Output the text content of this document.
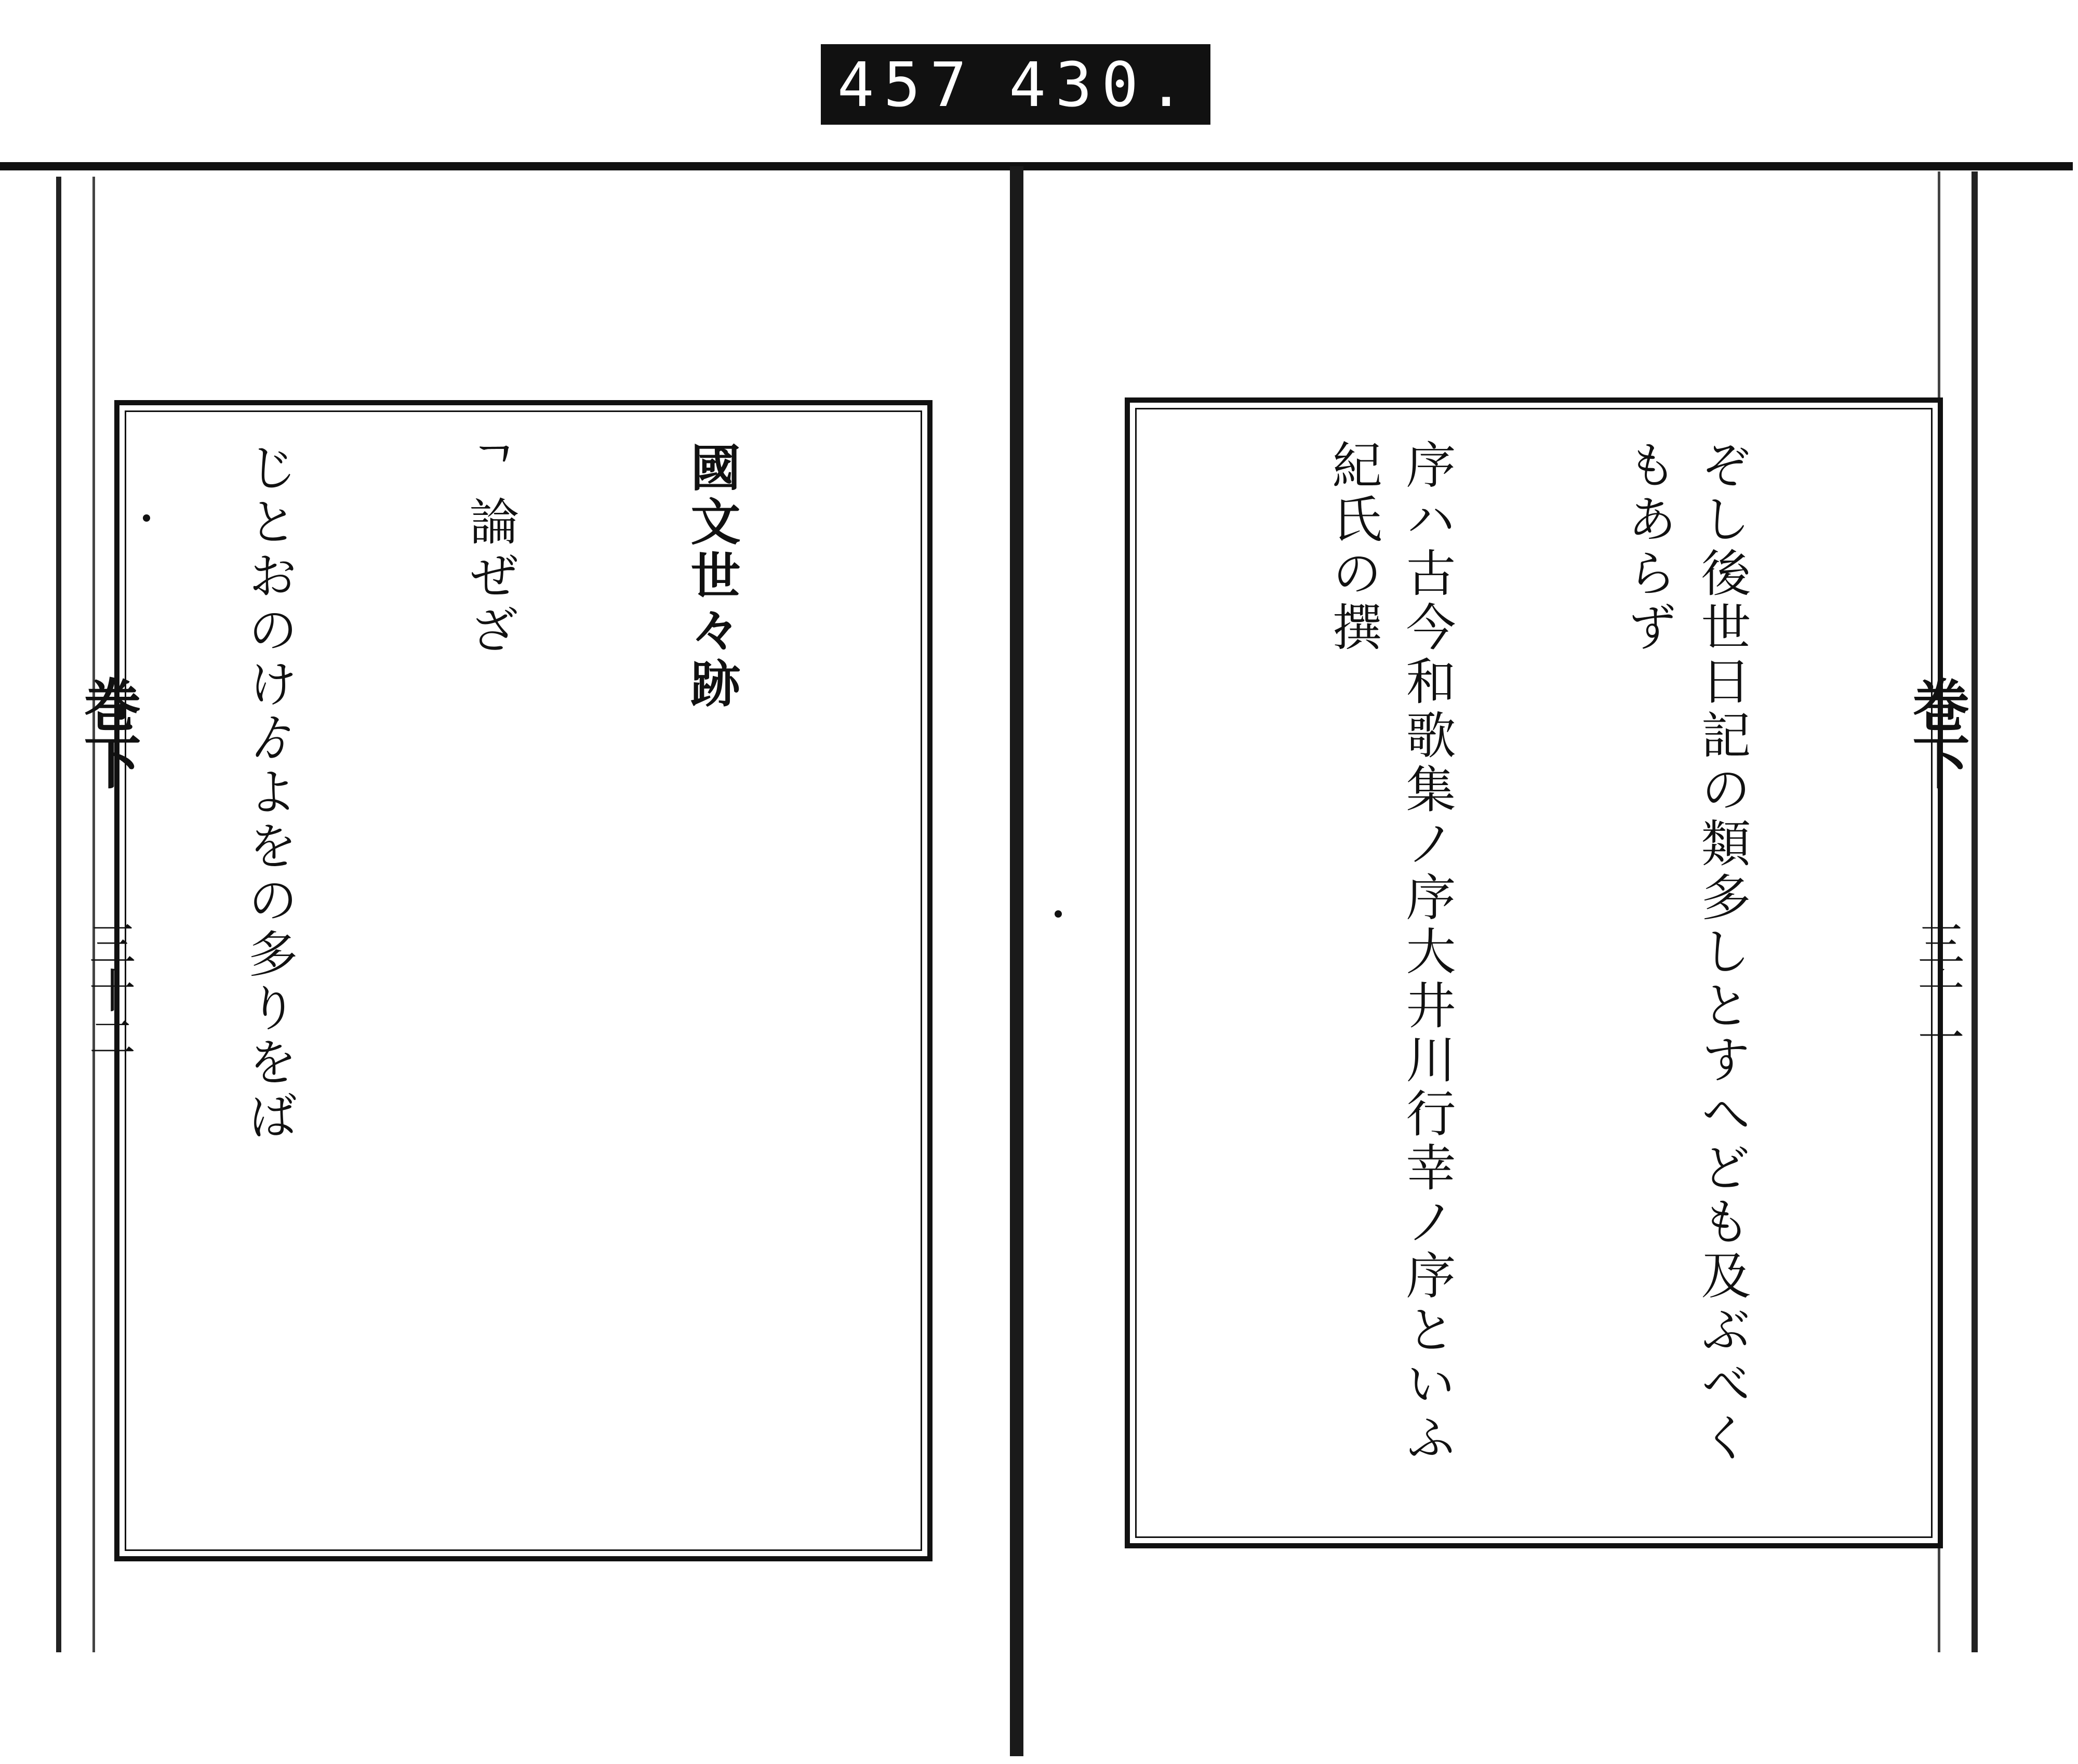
457 430.
巻下
三十二
巻下
三十一

ぞし後世日記の類多しとすへども及ぶべくもあらず

序ハ古今和歌集ノ序大井川行幸ノ序といふ紀氏の撰

國文世々跡

ᄀ論ぜざ

じとおのけゟよをの多りをば
